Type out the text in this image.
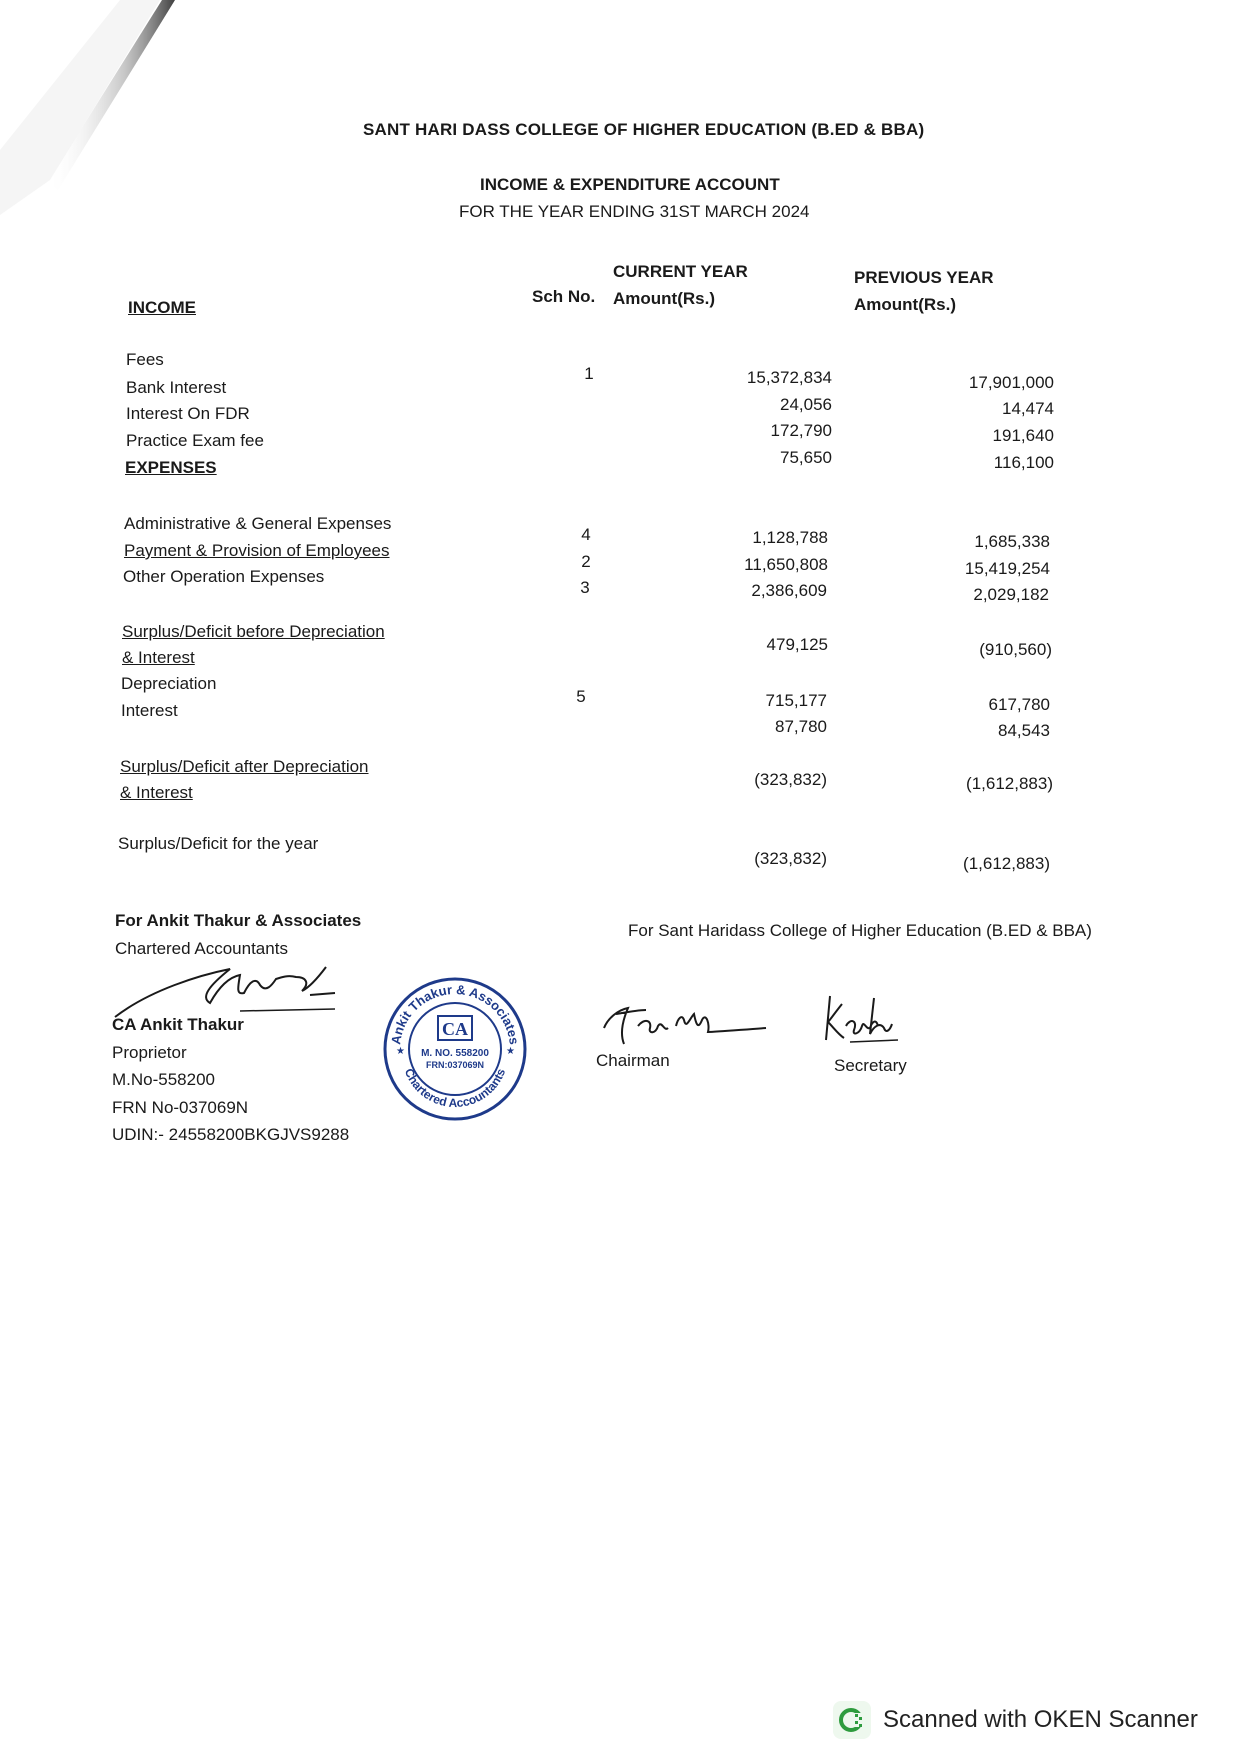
SANT HARI DASS COLLEGE OF HIGHER EDUCATION (B.ED & BBA)
INCOME & EXPENDITURE ACCOUNT
FOR THE YEAR ENDING 31ST MARCH 2024
Sch No.
CURRENT YEAR
Amount(Rs.)
PREVIOUS YEAR
Amount(Rs.)
INCOME
Fees
1	15,372,834	17,901,000
Bank Interest
24,056	14,474
Interest On FDR
172,790	191,640
Practice Exam fee
75,650	116,100
EXPENSES
Administrative & General Expenses
4	1,128,788	1,685,338
Payment & Provision of Employees
2	11,650,808	15,419,254
Other Operation Expenses
3	2,386,609	2,029,182
Surplus/Deficit before Depreciation
& Interest
479,125	(910,560)
Depreciation
5	715,177	617,780
Interest
87,780	84,543
Surplus/Deficit after Depreciation
& Interest
(323,832)	(1,612,883)
Surplus/Deficit for the year
(323,832)	(1,612,883)
For Ankit Thakur & Associates
Chartered Accountants
CA Ankit Thakur
Proprietor
M.No-558200
FRN No-037069N
UDIN:- 24558200BKGJVS9288
Ankit Thakur & Associates
Chartered Accountants
★	★
CA
M. NO. 558200
FRN:037069N
For Sant Haridass College of Higher Education (B.ED & BBA)
Chairman	Secretary
Scanned with OKEN Scanner
